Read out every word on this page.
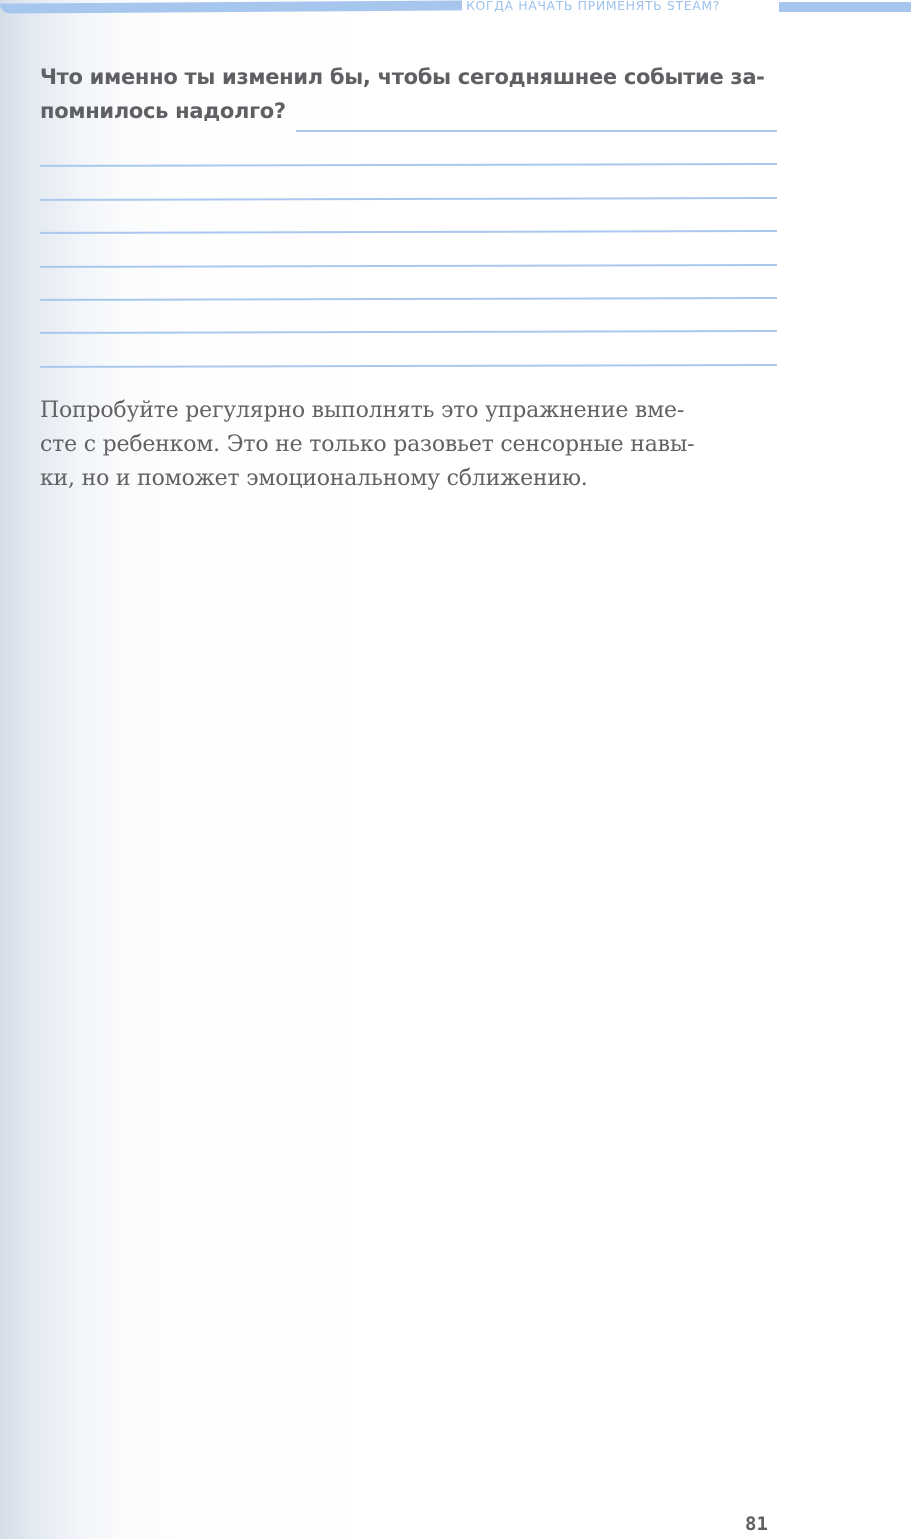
КОГДА НАЧАТЬ ПРИМЕНЯТЬ STEAM?
Что именно ты изменил бы, чтобы сегодняшнее событие за-
помнилось надолго?
Попробуйте регулярно выполнять это упражнение вме-
сте с ребенком. Это не только разовьет сенсорные навы-
ки, но и поможет эмоциональному сближению.
81
